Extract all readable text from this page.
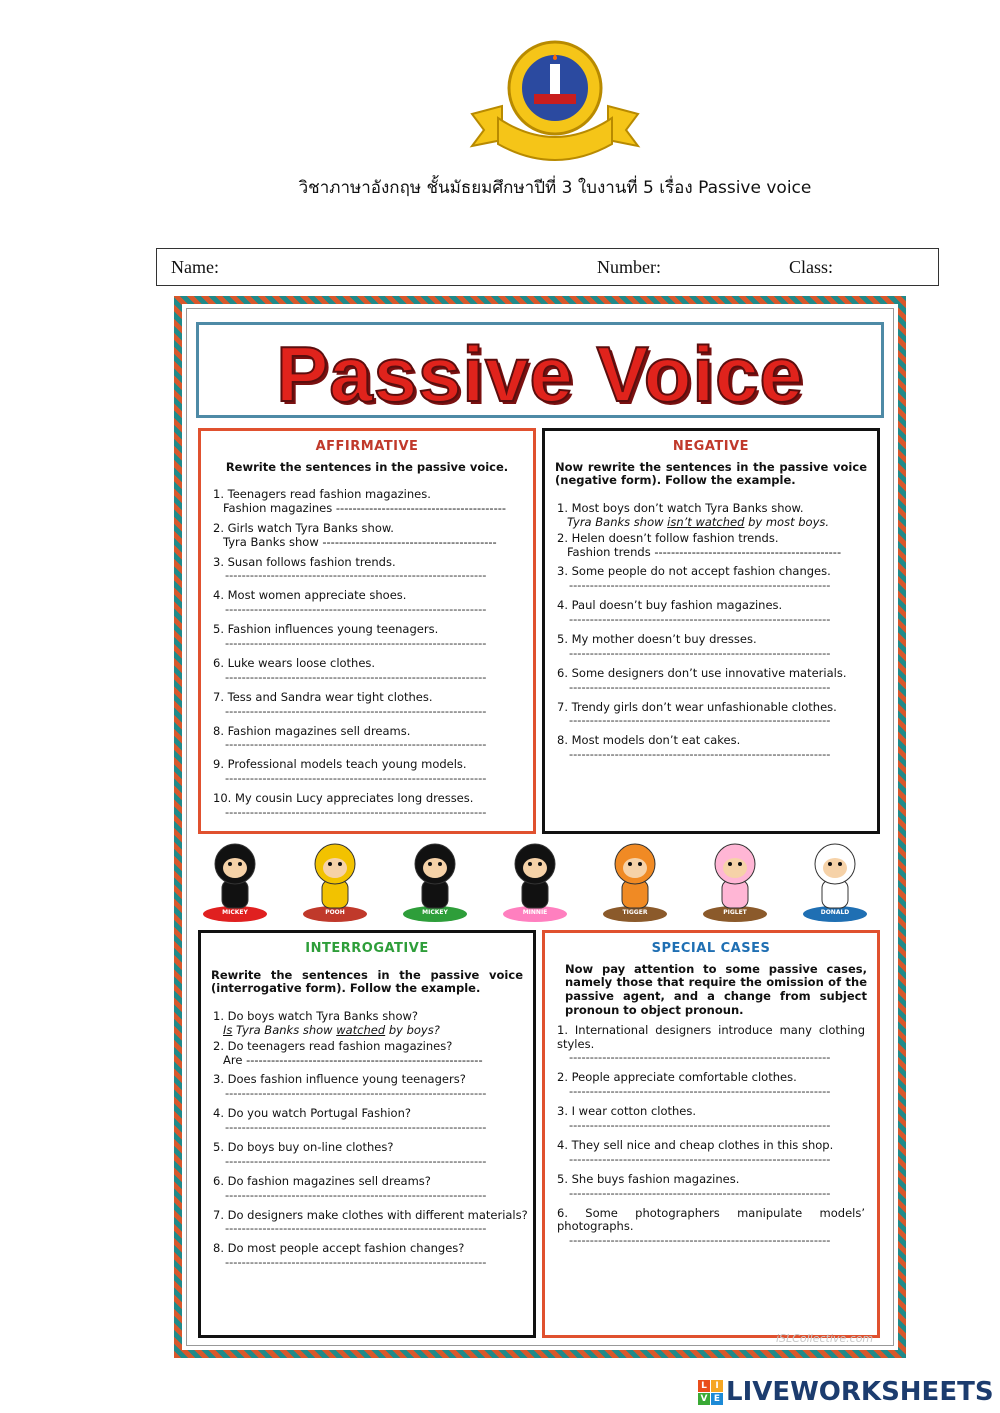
วิชาภาษาอังกฤษ ชั้นมัธยมศึกษาปีที่ 3 ใบงานที่ 5 เรื่อง Passive voice
Name:	Number:	Class:
Passive Voice
AFFIRMATIVE
Rewrite the sentences in the passive voice.
1. Teenagers read fashion magazines.
Fashion magazines -----------------------------------------
2. Girls watch Tyra Banks show.
Tyra Banks show ------------------------------------------
3. Susan follows fashion trends.
---------------------------------------------------------------
4. Most women appreciate shoes.
---------------------------------------------------------------
5. Fashion influences young teenagers.
---------------------------------------------------------------
6. Luke wears loose clothes.
---------------------------------------------------------------
7. Tess and Sandra wear tight clothes.
---------------------------------------------------------------
8. Fashion magazines sell dreams.
---------------------------------------------------------------
9. Professional models teach young models.
---------------------------------------------------------------
10. My cousin Lucy appreciates long dresses.
---------------------------------------------------------------
NEGATIVE
Now rewrite the sentences in the passive voice (negative form). Follow the example.
1. Most boys don’t watch Tyra Banks show.
Tyra Banks show isn’t watched by most boys.
2. Helen doesn’t follow fashion trends.
Fashion trends ---------------------------------------------
3. Some people do not accept fashion changes.
---------------------------------------------------------------
4. Paul doesn’t buy fashion magazines.
---------------------------------------------------------------
5. My mother doesn’t buy dresses.
---------------------------------------------------------------
6. Some designers don’t use innovative materials.
---------------------------------------------------------------
7. Trendy girls don’t wear unfashionable clothes.
---------------------------------------------------------------
8. Most models don’t eat cakes.
---------------------------------------------------------------
MICKEY	POOH	MICKEY	MINNIE	TIGGER	PIGLET	DONALD
INTERROGATIVE
Rewrite the sentences in the passive voice (interrogative form). Follow the example.
1. Do boys watch Tyra Banks show?
Is Tyra Banks show watched by boys?
2. Do teenagers read fashion magazines?
Are ---------------------------------------------------------
3. Does fashion influence young teenagers?
---------------------------------------------------------------
4. Do you watch Portugal Fashion?
---------------------------------------------------------------
5. Do boys buy on-line clothes?
---------------------------------------------------------------
6. Do fashion magazines sell dreams?
---------------------------------------------------------------
7. Do designers make clothes with different materials?
---------------------------------------------------------------
8. Do most people accept fashion changes?
---------------------------------------------------------------
SPECIAL CASES
Now pay attention to some passive cases, namely those that require the omission of the passive agent, and a change from subject pronoun to object pronoun.
1. International designers introduce many clothing styles.
---------------------------------------------------------------
2. People appreciate comfortable clothes.
---------------------------------------------------------------
3. I wear cotton clothes.
---------------------------------------------------------------
4. They sell nice and cheap clothes in this shop.
---------------------------------------------------------------
5. She buys fashion magazines.
---------------------------------------------------------------
6. Some photographers manipulate models’ photographs.
---------------------------------------------------------------
iSLCollective.com
L I
V E LIVEWORKSHEETS
